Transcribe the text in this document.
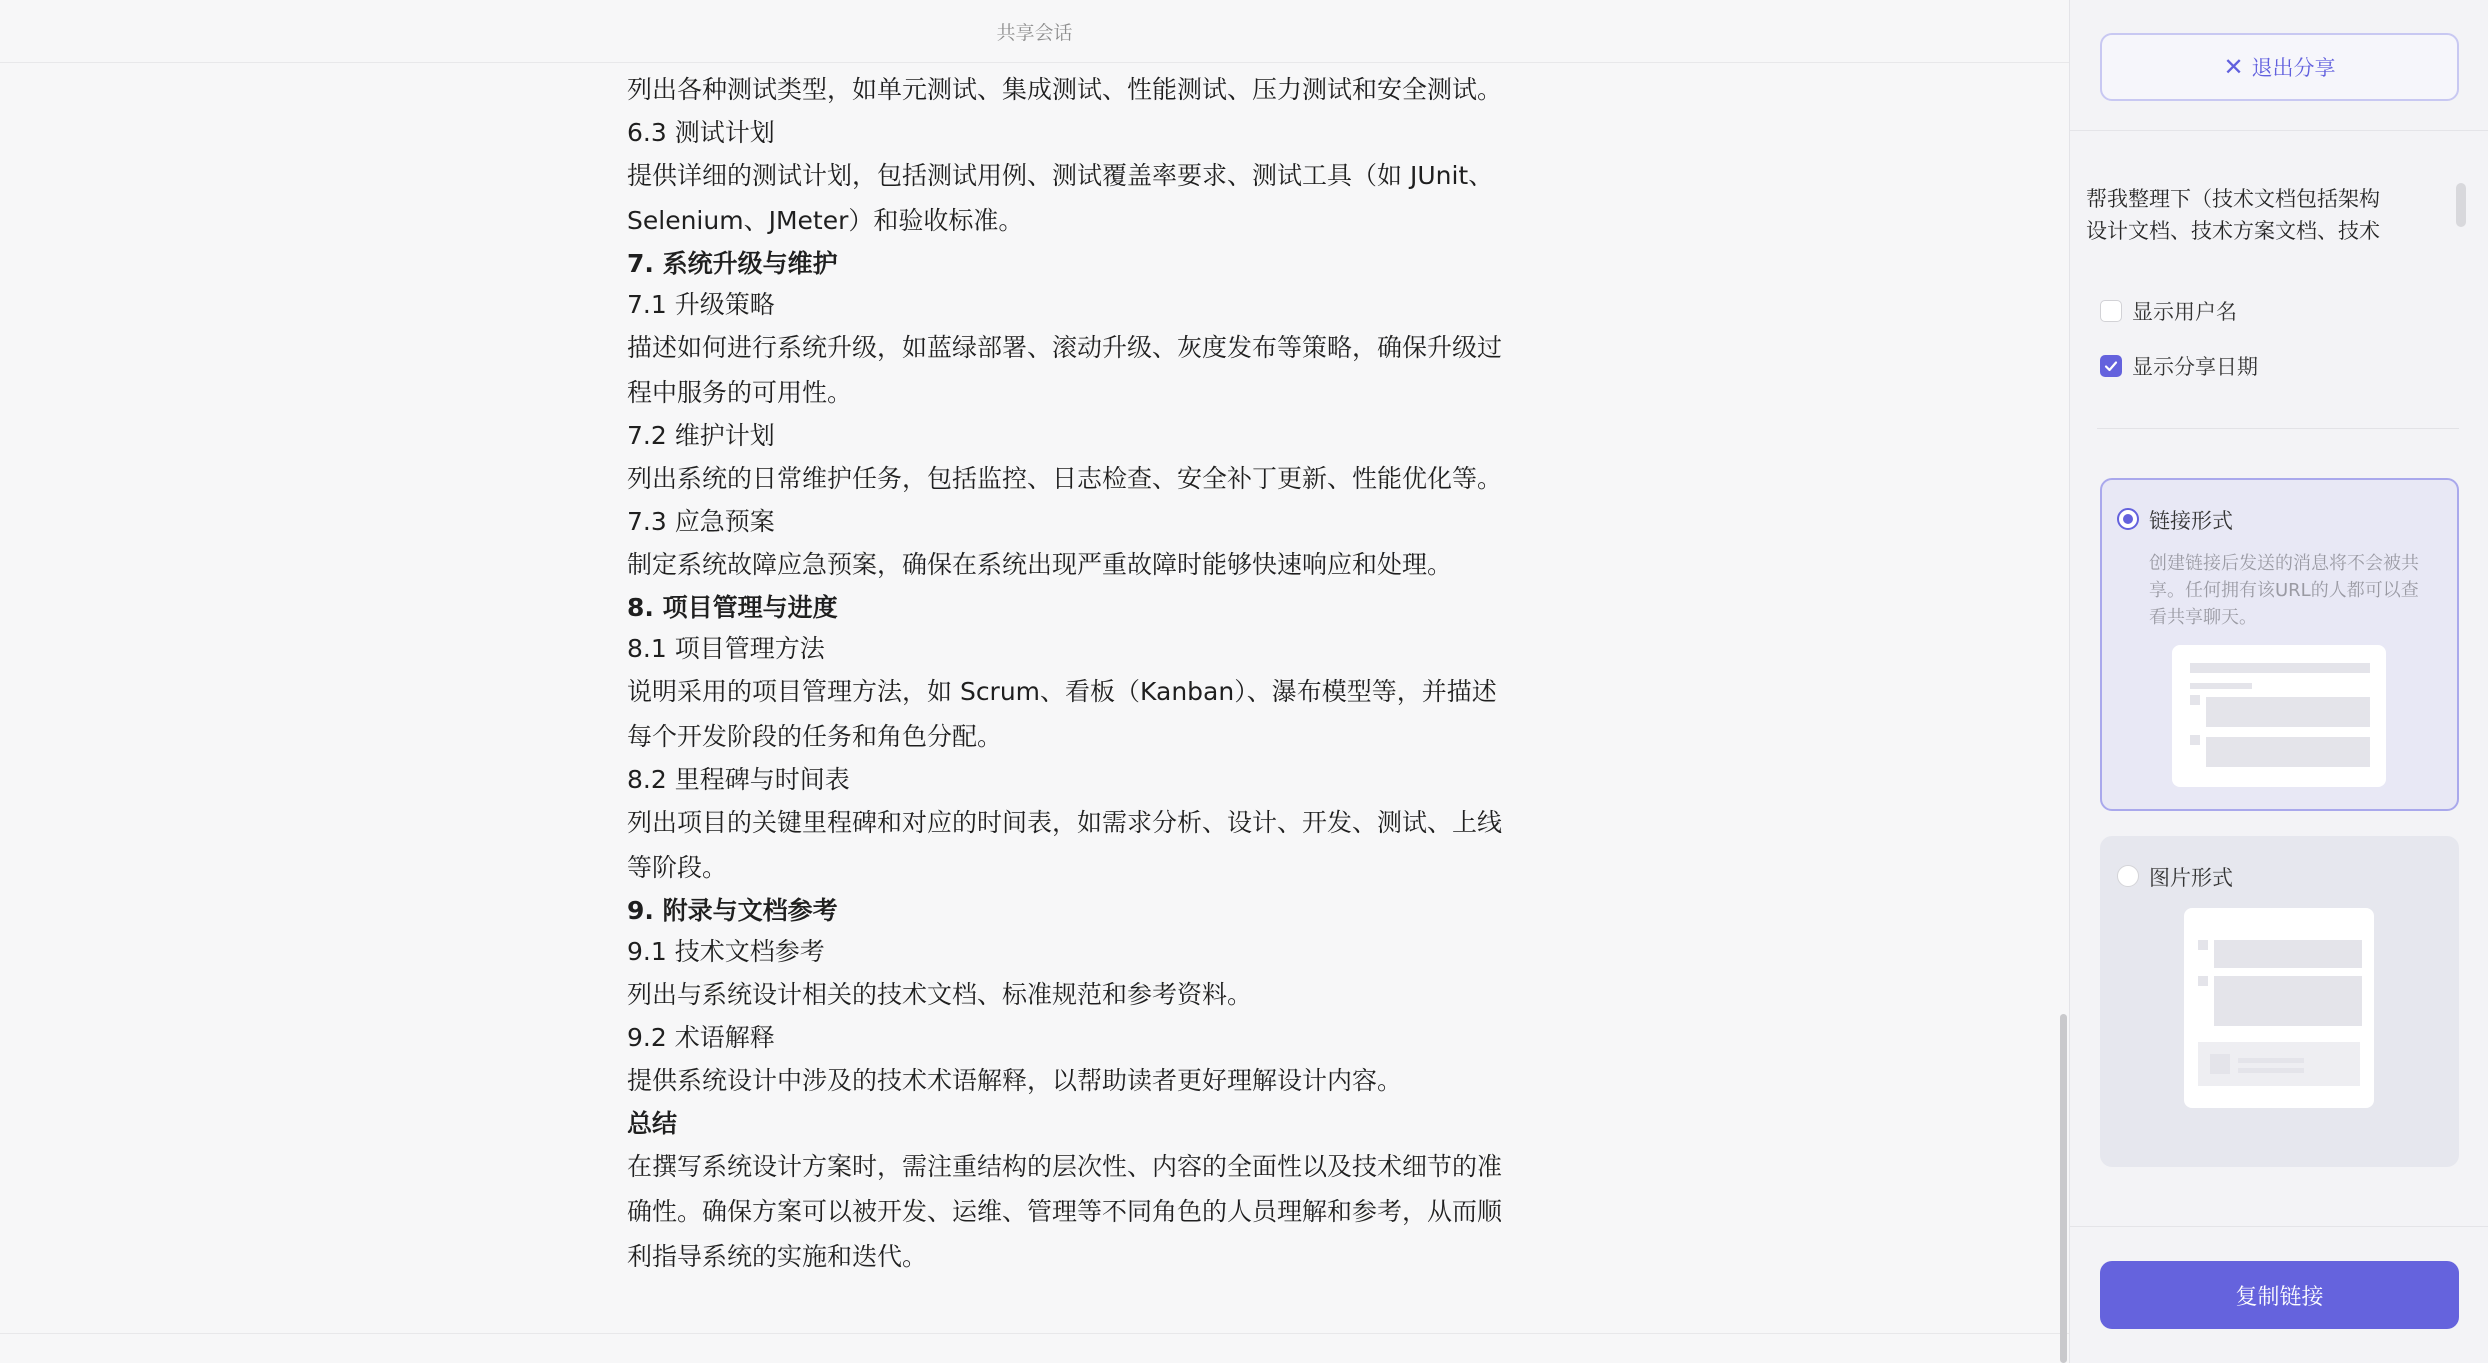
共享会话

列出各种测试类型，如单元测试、集成测试、性能测试、压力测试和安全测试。

6.3 测试计划

提供详细的测试计划，包括测试用例、测试覆盖率要求、测试工具（如 JUnit、

Selenium、JMeter）和验收标准。

7. 系统升级与维护

7.1 升级策略

描述如何进行系统升级，如蓝绿部署、滚动升级、灰度发布等策略，确保升级过

程中服务的可用性。

7.2 维护计划

列出系统的日常维护任务，包括监控、日志检查、安全补丁更新、性能优化等。

7.3 应急预案

制定系统故障应急预案，确保在系统出现严重故障时能够快速响应和处理。

8. 项目管理与进度

8.1 项目管理方法

说明采用的项目管理方法，如 Scrum、看板（Kanban）、瀑布模型等，并描述

每个开发阶段的任务和角色分配。

8.2 里程碑与时间表

列出项目的关键里程碑和对应的时间表，如需求分析、设计、开发、测试、上线

等阶段。

9. 附录与文档参考

9.1 技术文档参考

列出与系统设计相关的技术文档、标准规范和参考资料。

9.2 术语解释

提供系统设计中涉及的技术术语解释，以帮助读者更好理解设计内容。

总结

在撰写系统设计方案时，需注重结构的层次性、内容的全面性以及技术细节的准

确性。确保方案可以被开发、运维、管理等不同角色的人员理解和参考，从而顺

利指导系统的实施和迭代。

✕ 退出分享
帮我整理下（技术文档包括架构
设计文档、技术方案文档、技术
显示用户名
显示分享日期
链接形式
创建链接后发送的消息将不会被共
享。任何拥有该URL的人都可以查
看共享聊天。
图片形式
复制链接
